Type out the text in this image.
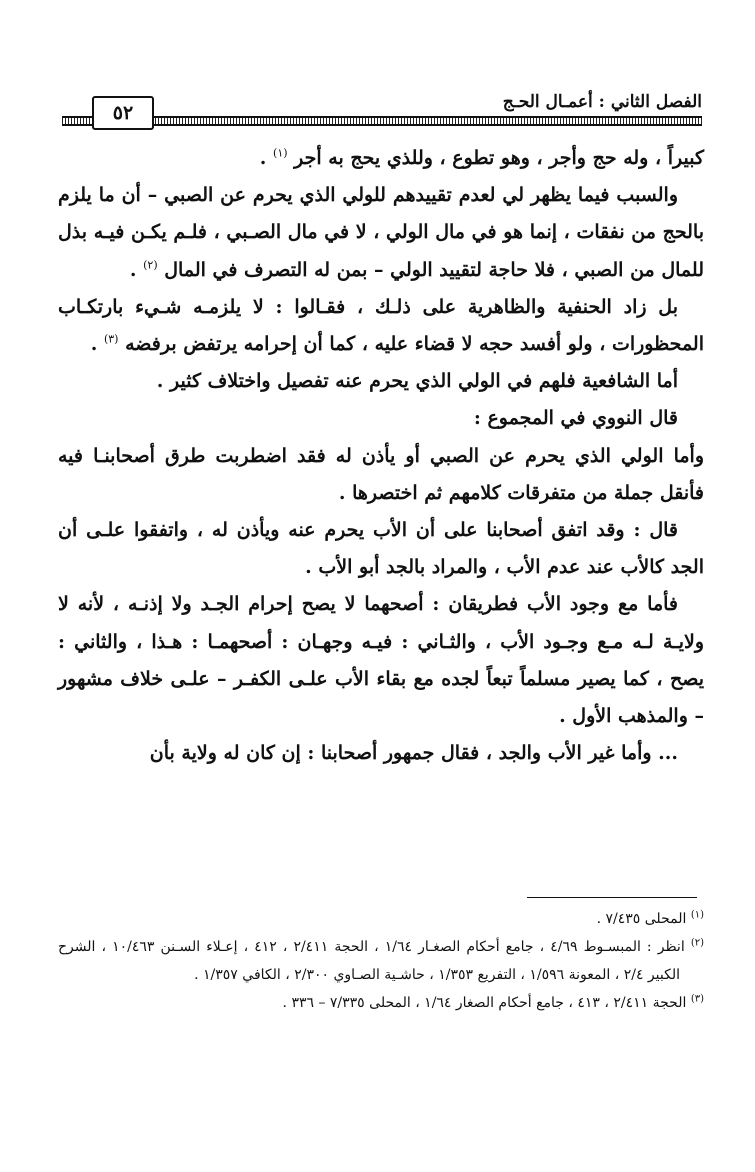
الفصل الثاني : أعمـال الحـج
٥٢

كبيراً ، وله حج وأجر ، وهو تطوع ، وللذي يحج به أجر $^{(١)}$ .

والسبب فيما يظهر لي لعدم تقييدهم للولي الذي يحرم عن الصبي – أن ما يلزم بالحج من نفقات ، إنما هو في مال الولي ، لا في مال الصـبي ، فلـم يكـن فيـه بذل للمال من الصبي ، فلا حاجة لتقييد الولي – بمن له التصرف في المال $^{(٢)}$ .

بل زاد الحنفية والظاهرية على ذلـك ، فقـالوا : لا يلزمـه شـيء بارتكـاب المحظورات ، ولو أفسد حجه لا قضاء عليه ، كما أن إحرامه يرتفض برفضه $^{(٣)}$ .

أما الشافعية فلهم في الولي الذي يحرم عنه تفصيل واختلاف كثير .

قال النووي في المجموع :

وأما الولي الذي يحرم عن الصبي أو يأذن له فقد اضطربت طرق أصحابنـا فيه فأنقل جملة من متفرقات كلامهم ثم اختصرها .

قال : وقد اتفق أصحابنا على أن الأب يحرم عنه ويأذن له ، واتفقوا علـى أن الجد كالأب عند عدم الأب ، والمراد بالجد أبو الأب .

فأما مع وجود الأب فطريقان : أصحهما لا يصح إحرام الجـد ولا إذنـه ، لأنه لا ولايـة لـه مـع وجـود الأب ، والثـاني : فيـه وجهـان : أصحهمـا : هـذا ، والثاني : يصح ، كما يصير مسلماً تبعاً لجده مع بقاء الأب علـى الكفـر – علـى خلاف مشهور – والمذهب الأول .

... وأما غير الأب والجد ، فقال جمهور أصحابنا : إن كان له ولاية بأن

$^{(١)}$ المحلى ٧/٤٣٥ .

$^{(٢)}$ انظر : المبسـوط ٤/٦٩ ، جامع أحكام الصغـار ١/٦٤ ، الحجة ٢/٤١١ ، ٤١٢ ، إعـلاء السـنن ١٠/٤٦٣ ، الشرح الكبير ٢/٤ ، المعونة ١/٥٩٦ ، التفريع ١/٣٥٣ ، حاشـية الصـاوي ٢/٣٠٠ ، الكافي ١/٣٥٧ .

$^{(٣)}$ الحجة ٢/٤١١ ، ٤١٣ ، جامع أحكام الصغار ١/٦٤ ، المحلى ٧/٣٣٥ – ٣٣٦ .
